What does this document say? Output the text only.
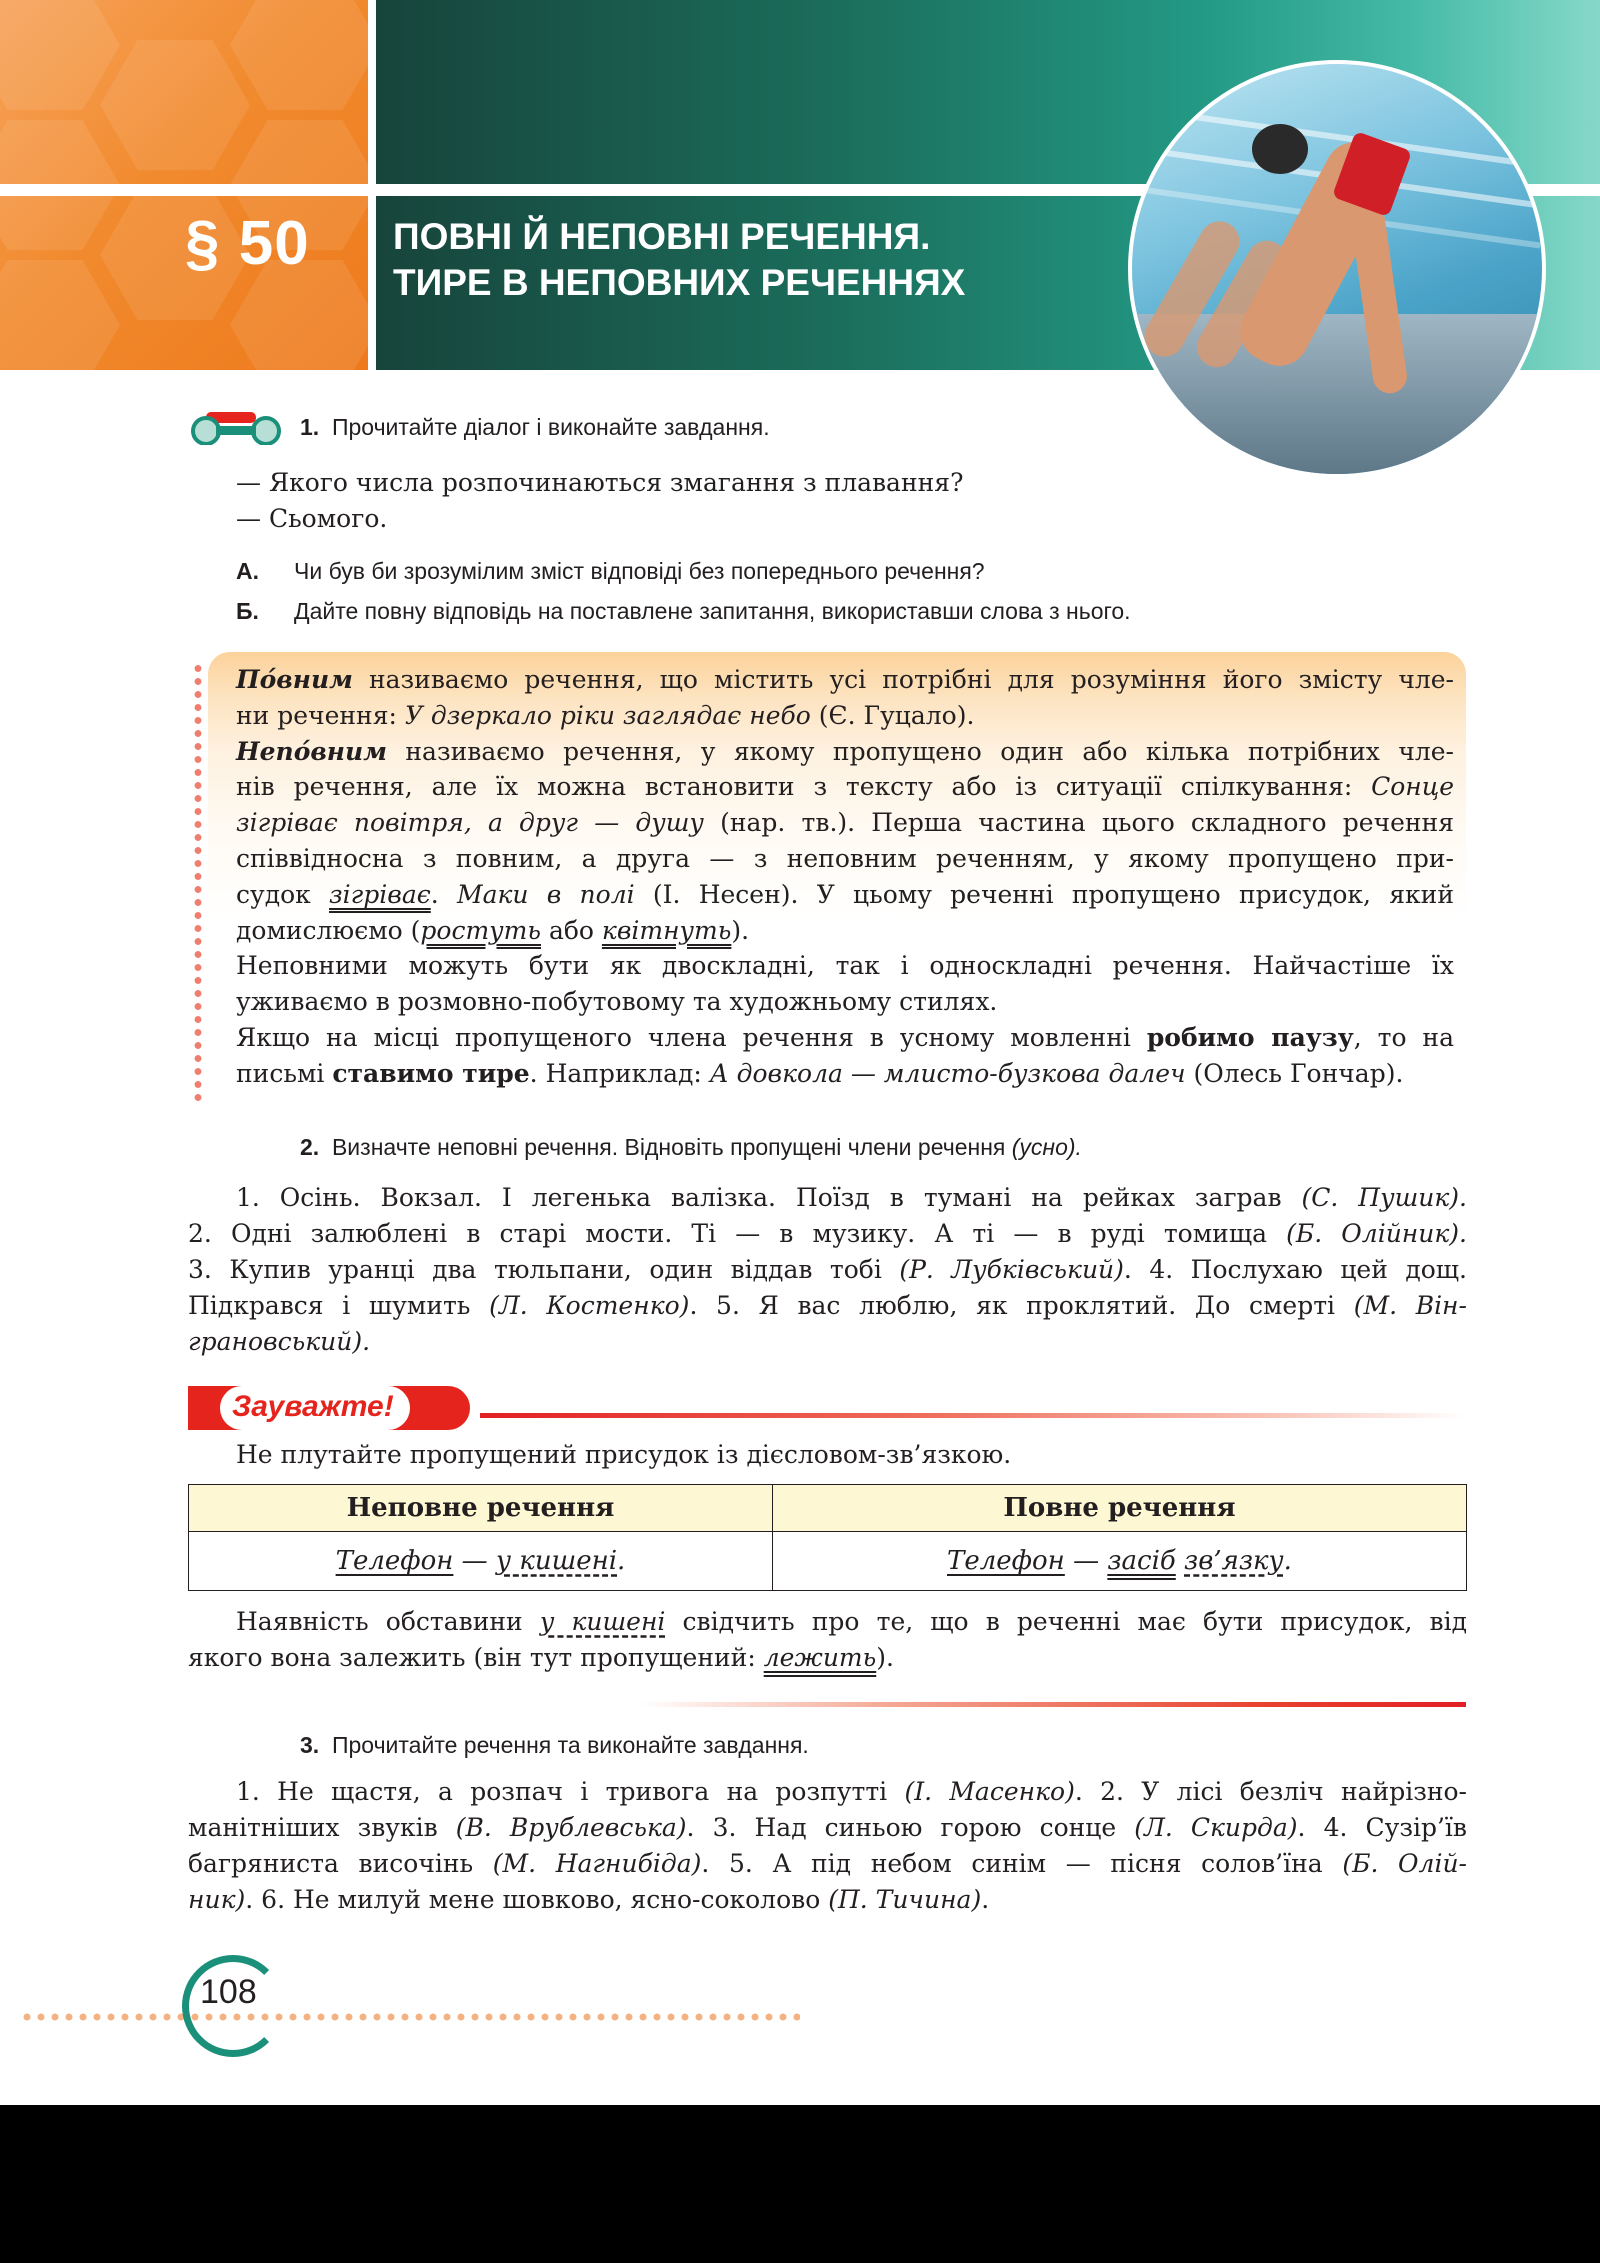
§ 50 ПОВНІ Й НЕПОВНІ РЕЧЕННЯ.
ТИРЕ В НЕПОВНИХ РЕЧЕННЯХ
1. Прочитайте діалог і виконайте завдання.
— Якого числа розпочинаються змагання з плавання?
— Сьомого.
А. Чи був би зрозумілим зміст відповіді без попереднього речення?
Б. Дайте повну відповідь на поставлене запитання, використавши слова з нього.
По́вним називаємо речення, що містить усі потрібні для розуміння його змісту чле-
ни речення: У дзеркало ріки заглядає небо (Є. Гуцало).
Непо́вним називаємо речення, у якому пропущено один або кілька потрібних чле-
нів речення, але їх можна встановити з тексту або із ситуації спілкування: Сонце
зігріває повітря, а друг — душу (нар. тв.). Перша частина цього складного речення
співвідносна з повним, а друга — з неповним реченням, у якому пропущено при-
судок зігріває. Маки в полі (І. Несен). У цьому реченні пропущено присудок, який
домислюємо (ростуть або квітнуть).
Неповними можуть бути як двоскладні, так і односкладні речення. Найчастіше їх
уживаємо в розмовно-побутовому та художньому стилях.
Якщо на місці пропущеного члена речення в усному мовленні робимо паузу, то на
письмі ставимо тире. Наприклад: А довкола — млисто-бузкова далеч (Олесь Гончар).
2. Визначте неповні речення. Відновіть пропущені члени речення (усно).
1. Осінь. Вокзал. І легенька валізка. Поїзд в тумані на рейках заграв (С. Пушик).
2. Одні залюблені в старі мости. Ті — в музику. А ті — в руді томища (Б. Олійник).
3. Купив уранці два тюльпани, один віддав тобі (Р. Лубківський). 4. Послухаю цей дощ.
Підкрався і шумить (Л. Костенко). 5. Я вас люблю, як проклятий. До смерті (М. Він-
грановський).
Зауважте!
Не плутайте пропущений присудок із дієсловом-зв’язкою.
Неповне речення	Повне речення
Телефон — у кишені.	Телефон — засіб зв’язку.
Наявність обставини у кишені свідчить про те, що в реченні має бути присудок, від
якого вона залежить (він тут пропущений: лежить).
3. Прочитайте речення та виконайте завдання.
1. Не щастя, а розпач і тривога на розпутті (І. Масенко). 2. У лісі безліч найрізно-
манітніших звуків (В. Врублевська). 3. Над синьою горою сонце (Л. Скирда). 4. Сузір’їв
багряниста височінь (М. Нагнибіда). 5. А під небом синім — пісня солов’їна (Б. Олій-
ник). 6. Не милуй мене шовково, ясно-соколово (П. Тичина).
108
